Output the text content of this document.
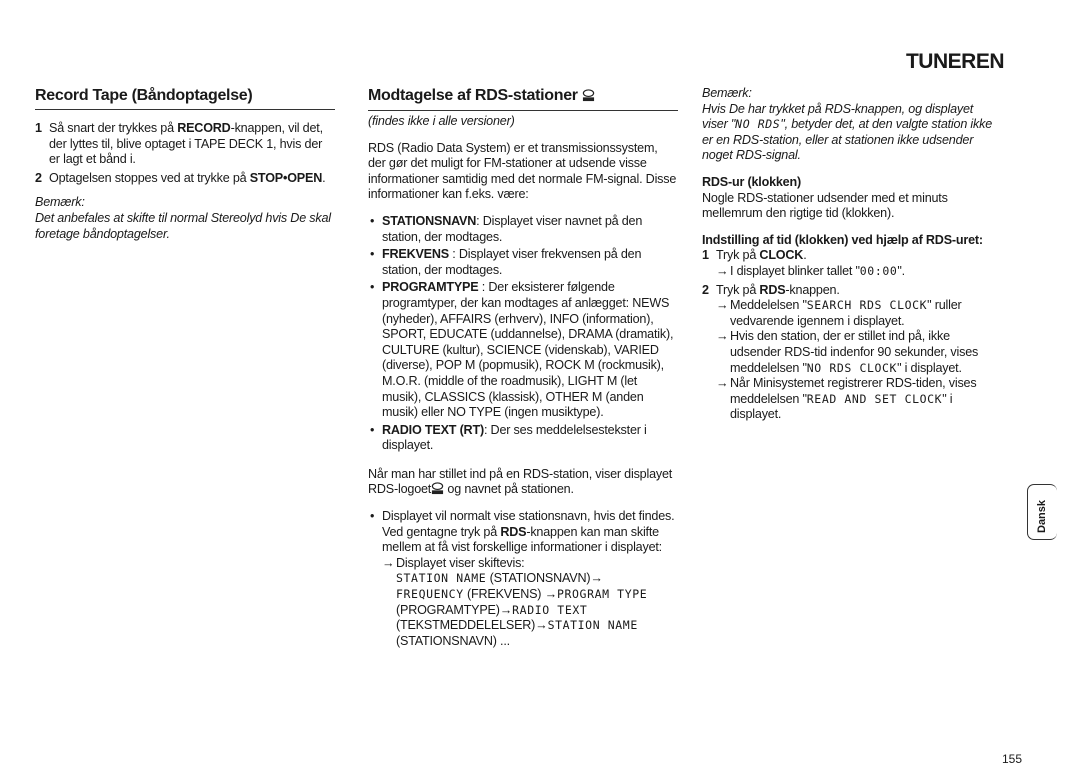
TUNEREN
Record Tape (Båndoptagelse)
1 Så snart der trykkes på RECORD-knappen, vil det, der lyttes til, blive optaget i TAPE DECK 1, hvis der er lagt et bånd i.
2 Optagelsen stoppes ved at trykke på STOP•OPEN.

Bemærk:

Det anbefales at skifte til normal Stereolyd hvis De skal foretage båndoptagelser.

Modtagelse af RDS-stationer

(findes ikke i alle versioner)

RDS (Radio Data System) er et transmissionssystem, der gør det muligt for FM-stationer at udsende visse informationer samtidig med det normale FM-signal. Disse informationer kan f.eks. være:

• STATIONSNAVN: Displayet viser navnet på den station, der modtages.
• FREKVENS : Displayet viser frekvensen på den station, der modtages.
• PROGRAMTYPE : Der eksisterer følgende programtyper, der kan modtages af anlægget: NEWS (nyheder), AFFAIRS (erhverv), INFO (information), SPORT, EDUCATE (uddannelse), DRAMA (dramatik), CULTURE (kultur), SCIENCE (videnskab), VARIED (diverse), POP M (popmusik), ROCK M (rockmusik), M.O.R. (middle of the roadmusik), LIGHT M (let musik), CLASSICS (klassisk), OTHER M (anden musik) eller NO TYPE (ingen musiktype).
• RADIO TEXT (RT): Der ses meddelelsestekster i displayet.

Når man har stillet ind på en RDS-station, viser displayet RDS-logoet og navnet på stationen.

• Displayet vil normalt vise stationsnavn, hvis det findes. Ved gentagne tryk på RDS-knappen kan man skifte mellem at få vist forskellige informationer i displayet:
→ Displayet viser skiftevis:
STATION NAME (STATIONSNAVN)→
FREQUENCY (FREKVENS) →PROGRAM TYPE
(PROGRAMTYPE)→RADIO TEXT
(TEKSTMEDDELELSER)→STATION NAME
(STATIONSNAVN) ...

Bemærk:

Hvis De har trykket på RDS-knappen, og displayet viser "NO RDS", betyder det, at den valgte station ikke er en RDS-station, eller at stationen ikke udsender noget RDS-signal.

RDS-ur (klokken)

Nogle RDS-stationer udsender med et minuts mellemrum den rigtige tid (klokken).

Indstilling af tid (klokken) ved hjælp af RDS-uret:

1 Tryk på CLOCK.
→ I displayet blinker tallet "00:00".
2 Tryk på RDS-knappen.
→ Meddelelsen "SEARCH RDS CLOCK" ruller vedvarende igennem i displayet.
→ Hvis den station, der er stillet ind på, ikke udsender RDS-tid indenfor 90 sekunder, vises meddelelsen "NO RDS CLOCK" i displayet.
→ Når Minisystemet registrerer RDS-tiden, vises meddelelsen "READ AND SET CLOCK" i displayet.
Dansk
155
